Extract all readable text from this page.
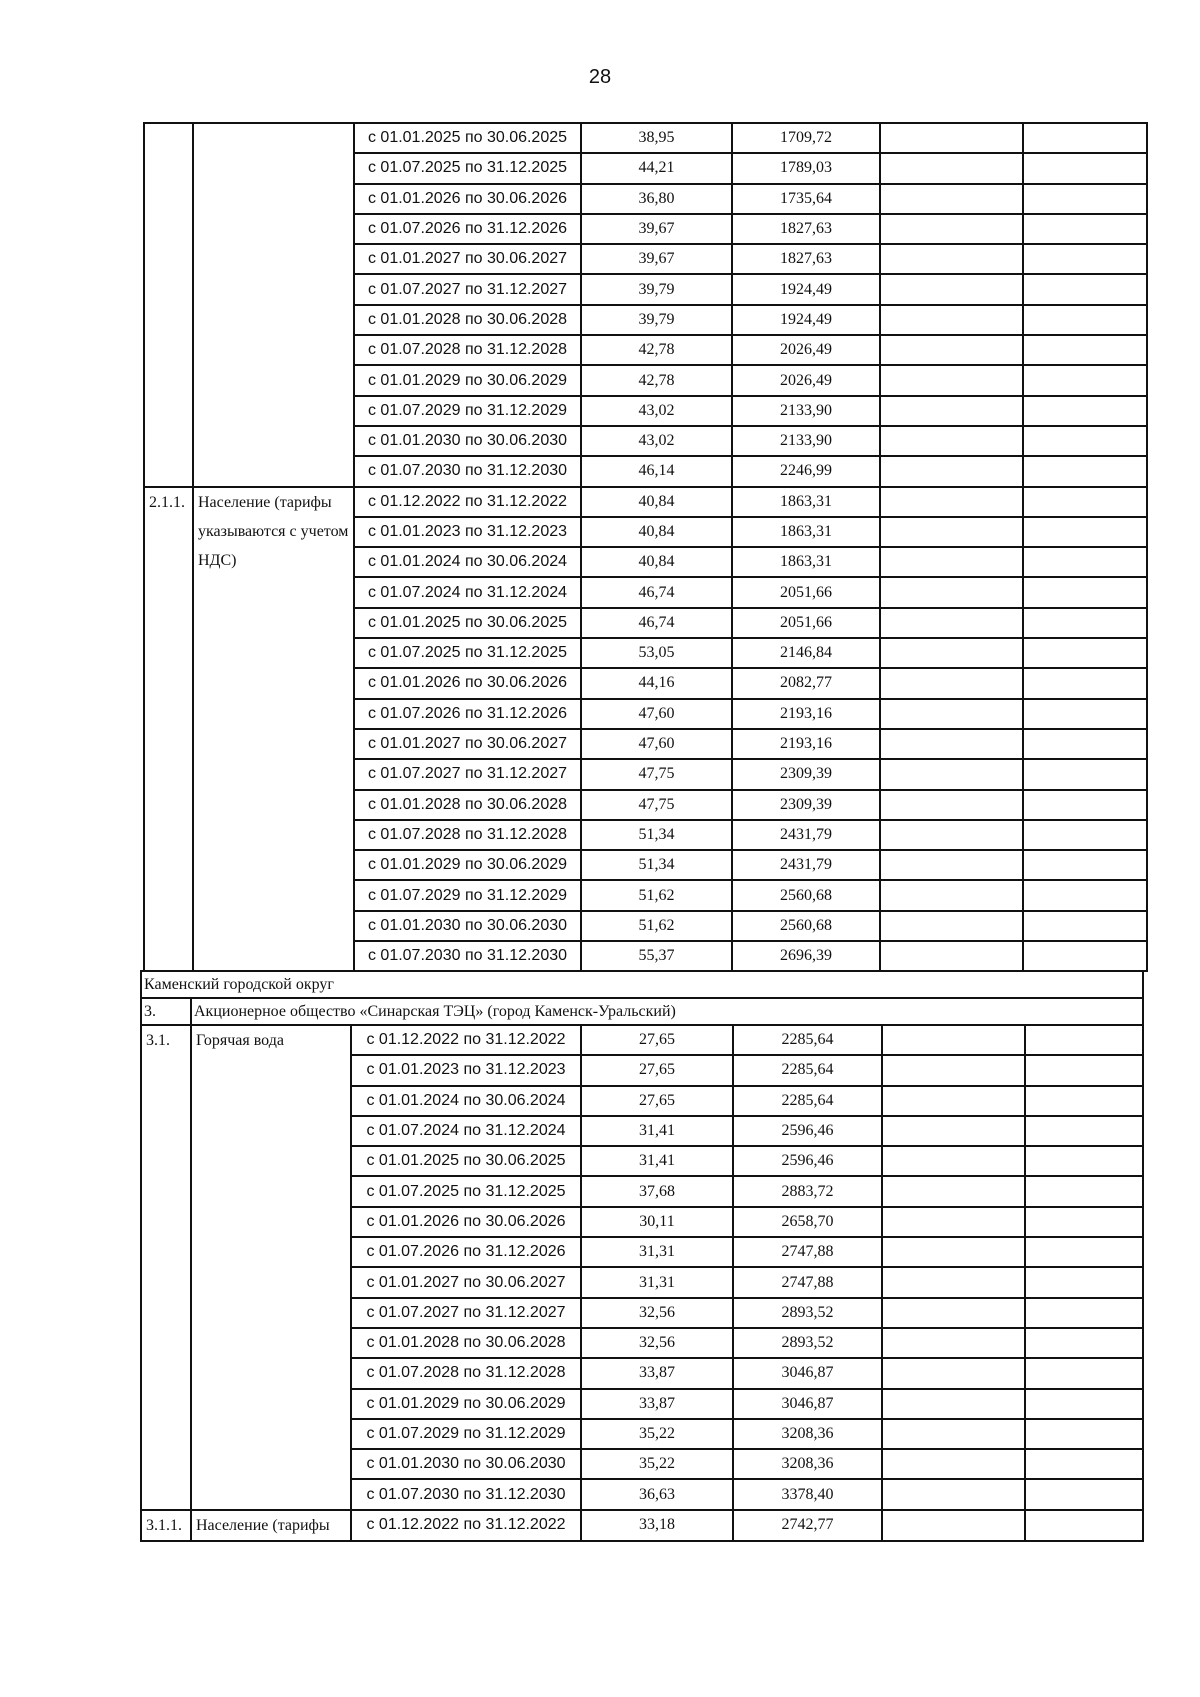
28
		с 01.01.2025 по 30.06.2025	38,95	1709,72		
		с 01.07.2025 по 31.12.2025	44,21	1789,03		
		с 01.01.2026 по 30.06.2026	36,80	1735,64		
		с 01.07.2026 по 31.12.2026	39,67	1827,63		
		с 01.01.2027 по 30.06.2027	39,67	1827,63		
		с 01.07.2027 по 31.12.2027	39,79	1924,49		
		с 01.01.2028 по 30.06.2028	39,79	1924,49		
		с 01.07.2028 по 31.12.2028	42,78	2026,49		
		с 01.01.2029 по 30.06.2029	42,78	2026,49		
		с 01.07.2029 по 31.12.2029	43,02	2133,90		
		с 01.01.2030 по 30.06.2030	43,02	2133,90		
		с 01.07.2030 по 31.12.2030	46,14	2246,99		
2.1.1.	Население (тарифы указываются с учетом НДС)	с 01.12.2022 по 31.12.2022	40,84	1863,31		
		с 01.01.2023 по 31.12.2023	40,84	1863,31		
		с 01.01.2024 по 30.06.2024	40,84	1863,31		
		с 01.07.2024 по 31.12.2024	46,74	2051,66		
		с 01.01.2025 по 30.06.2025	46,74	2051,66		
		с 01.07.2025 по 31.12.2025	53,05	2146,84		
		с 01.01.2026 по 30.06.2026	44,16	2082,77		
		с 01.07.2026 по 31.12.2026	47,60	2193,16		
		с 01.01.2027 по 30.06.2027	47,60	2193,16		
		с 01.07.2027 по 31.12.2027	47,75	2309,39		
		с 01.01.2028 по 30.06.2028	47,75	2309,39		
		с 01.07.2028 по 31.12.2028	51,34	2431,79		
		с 01.01.2029 по 30.06.2029	51,34	2431,79		
		с 01.07.2029 по 31.12.2029	51,62	2560,68		
		с 01.01.2030 по 30.06.2030	51,62	2560,68		
		с 01.07.2030 по 31.12.2030	55,37	2696,39		
Каменский городской округ						
3.	Акционерное общество «Синарская ТЭЦ» (город Каменск-Уральский)					
3.1.	Горячая вода	с 01.12.2022 по 31.12.2022	27,65	2285,64		
		с 01.01.2023 по 31.12.2023	27,65	2285,64		
		с 01.01.2024 по 30.06.2024	27,65	2285,64		
		с 01.07.2024 по 31.12.2024	31,41	2596,46		
		с 01.01.2025 по 30.06.2025	31,41	2596,46		
		с 01.07.2025 по 31.12.2025	37,68	2883,72		
		с 01.01.2026 по 30.06.2026	30,11	2658,70		
		с 01.07.2026 по 31.12.2026	31,31	2747,88		
		с 01.01.2027 по 30.06.2027	31,31	2747,88		
		с 01.07.2027 по 31.12.2027	32,56	2893,52		
		с 01.01.2028 по 30.06.2028	32,56	2893,52		
		с 01.07.2028 по 31.12.2028	33,87	3046,87		
		с 01.01.2029 по 30.06.2029	33,87	3046,87		
		с 01.07.2029 по 31.12.2029	35,22	3208,36		
		с 01.01.2030 по 30.06.2030	35,22	3208,36		
		с 01.07.2030 по 31.12.2030	36,63	3378,40		
3.1.1.	Население (тарифы	с 01.12.2022 по 31.12.2022	33,18	2742,77		
